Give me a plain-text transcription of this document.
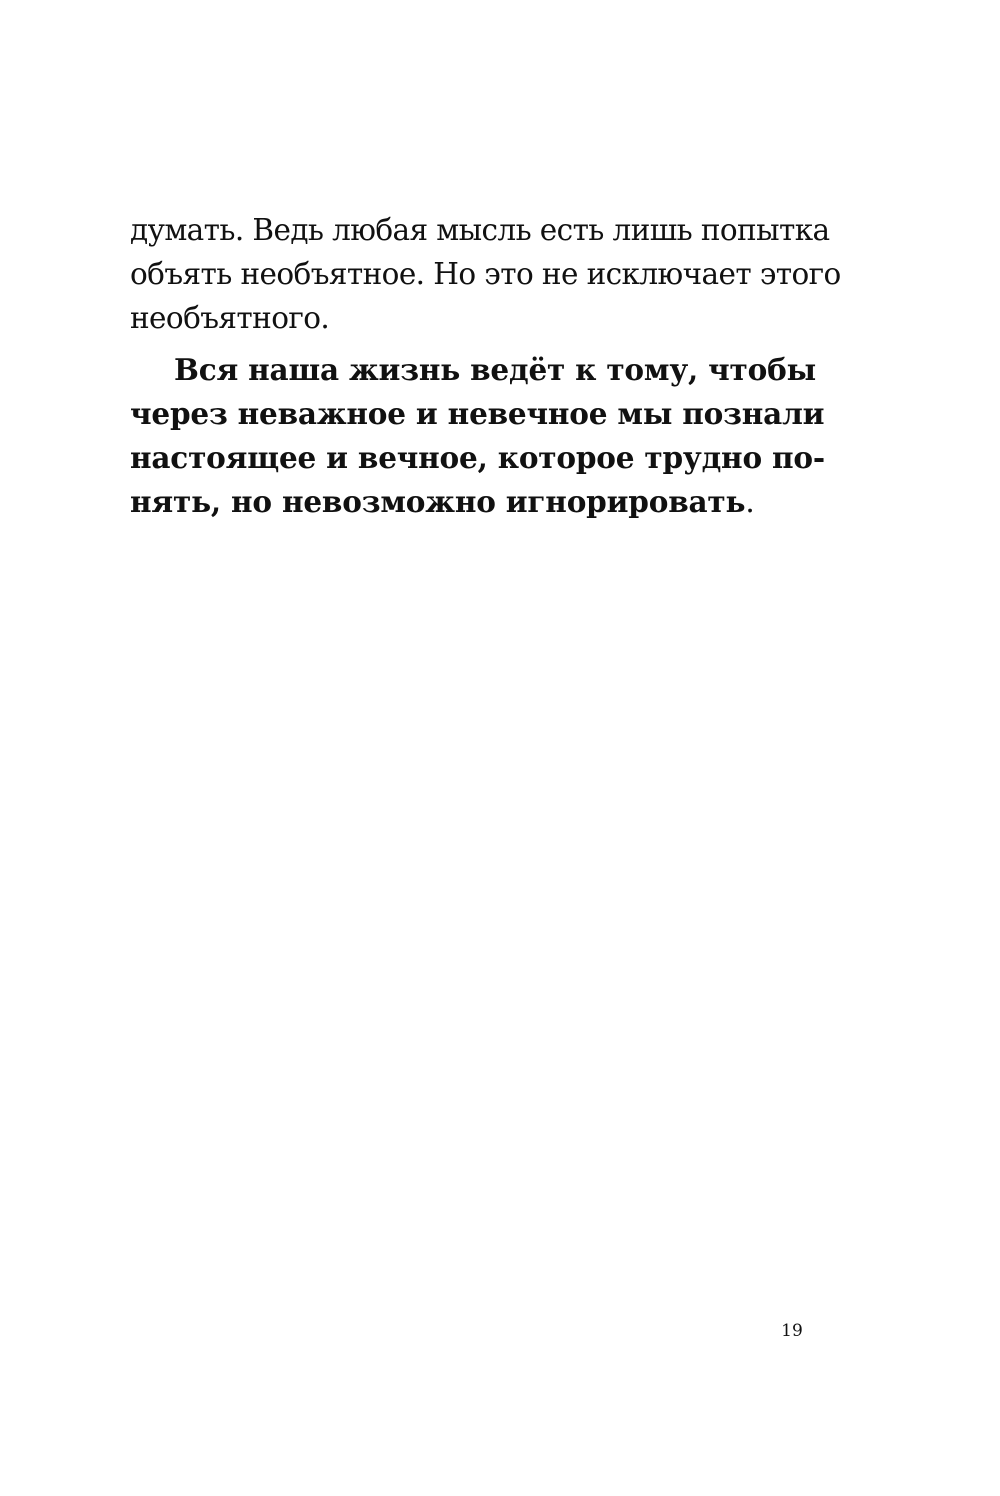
думать. Ведь любая мысль есть лишь попытка
объять необъятное. Но это не исключает этого
необъятного.
Вся наша жизнь ведёт к тому, чтобы
через неважное и невечное мы познали
настоящее и вечное, которое трудно по-
нять, но невозможно игнорировать.
19
